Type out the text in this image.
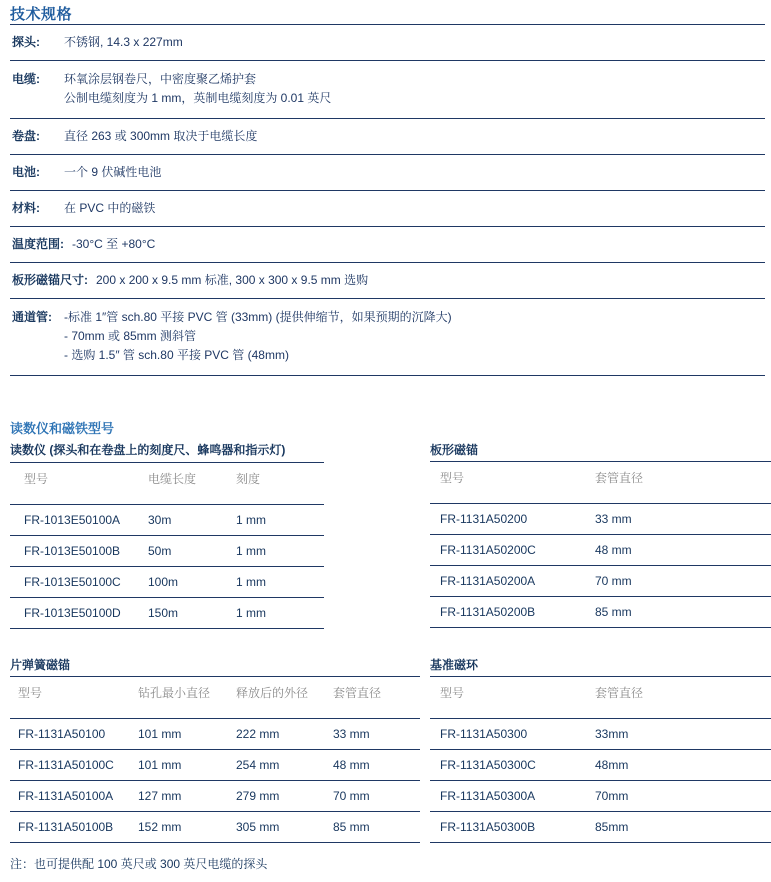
技术规格
探头:	不锈钢, 14.3 x 227mm
电缆:	环氧涂层钢卷尺，中密度聚乙烯护套
公制电缆刻度为 1 mm，英制电缆刻度为 0.01 英尺
卷盘:	直径 263 或 300mm 取决于电缆长度
电池:	一个 9 伏碱性电池
材料:	在 PVC 中的磁铁
温度范围: -30°C 至 +80°C
板形磁锚尺寸: 200 x 200 x 9.5 mm 标准, 300 x 300 x 9.5 mm 选购
通道管:	-标准 1″管 sch.80 平接 PVC 管 (33mm) (提供伸缩节，如果预期的沉降大)
- 70mm 或 85mm 测斜管
- 选购 1.5″ 管 sch.80 平接 PVC 管 (48mm)
读数仪和磁铁型号
读数仪 (探头和在卷盘上的刻度尺、蜂鸣器和指示灯)
型号	电缆长度	刻度
FR-1013E50100A	30m	1 mm
FR-1013E50100B	50m	1 mm
FR-1013E50100C	100m	1 mm
FR-1013E50100D	150m	1 mm
板形磁锚
型号	套管直径
FR-1131A50200	33 mm
FR-1131A50200C	48 mm
FR-1131A50200A	70 mm
FR-1131A50200B	85 mm
片弹簧磁锚
型号	钻孔最小直径	释放后的外径	套管直径
FR-1131A50100	101 mm	222 mm	33 mm
FR-1131A50100C	101 mm	254 mm	48 mm
FR-1131A50100A	127 mm	279 mm	70 mm
FR-1131A50100B	152 mm	305 mm	85 mm
基准磁环
型号	套管直径
FR-1131A50300	33mm
FR-1131A50300C	48mm
FR-1131A50300A	70mm
FR-1131A50300B	85mm
注：也可提供配 100 英尺或 300 英尺电缆的探头
